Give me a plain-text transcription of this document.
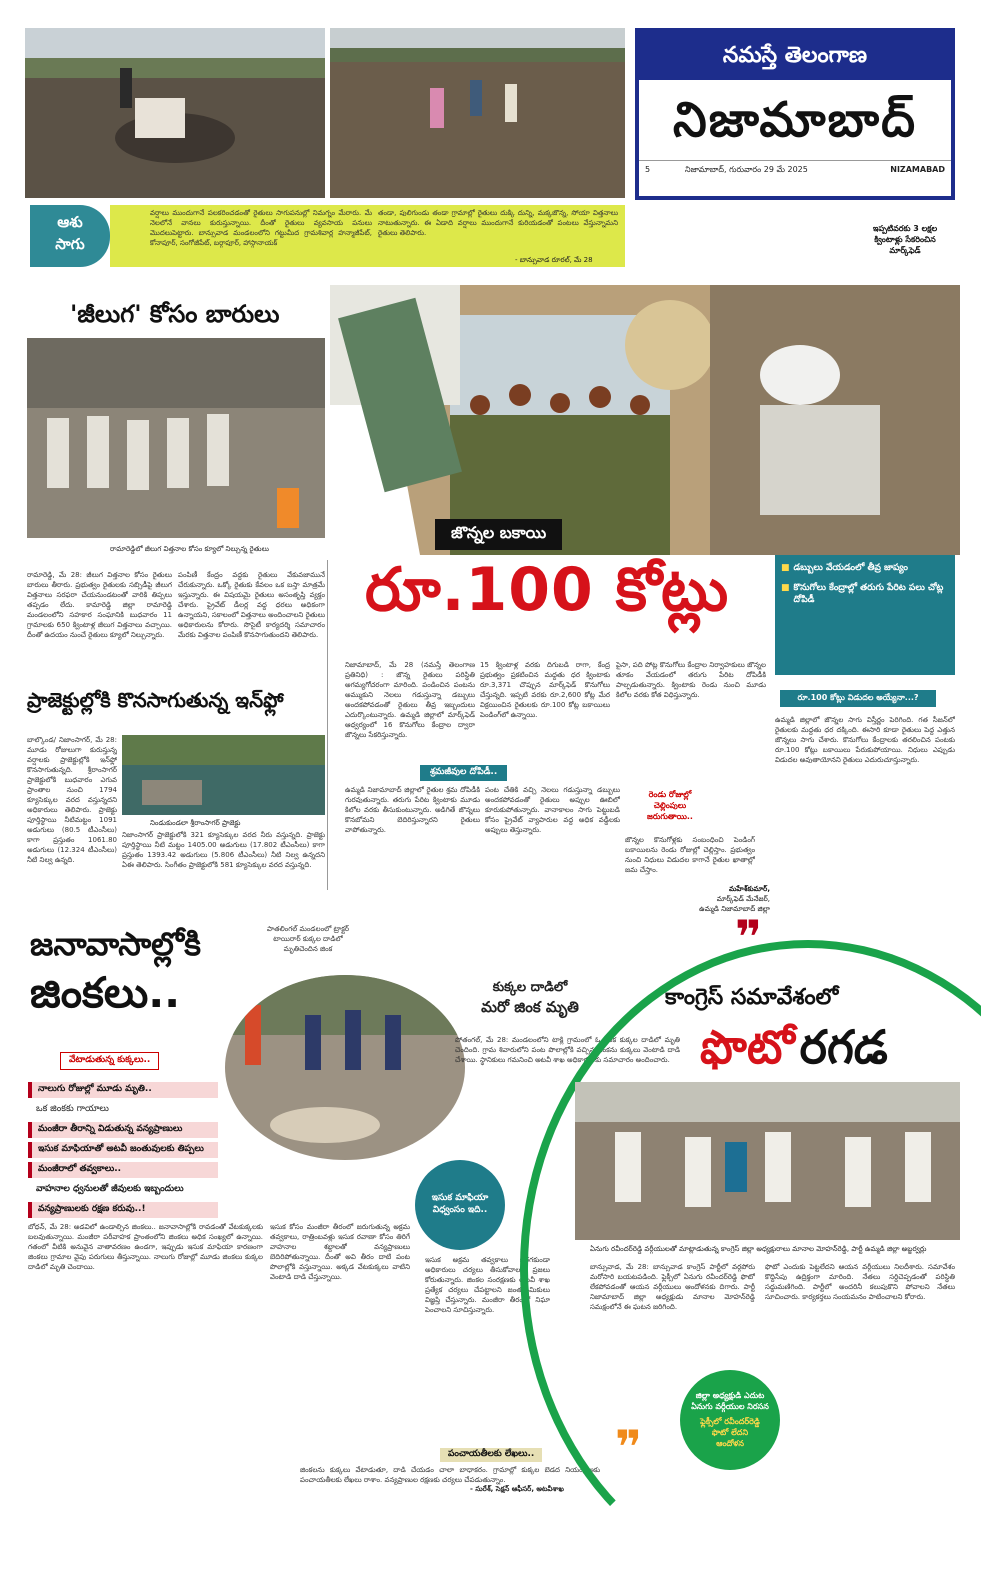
నమస్తే తెలంగాణ
నిజామాబాద్
5	నిజామాబాద్, గురువారం 29 మే 2025	NIZAMABAD
ఆశు
సాగు
వర్షాలు ముందుగానే పలకరించడంతో రైతులు సాగుపనుల్లో నిమగ్నం మేరారు. మే నెలలోనే వానలు కురుస్తున్నాయి. దీంతో రైతులు వ్యవసాయ పనులు మొదలుపెట్టారు. బాన్సువాడ మండలంలోని గట్టుమీద గ్రామశివార్ల హన్మాజీపేట్, కోనాపూర్, సంగోజీపేట్, బర్గాపూర్, హాస్గానాయక్
తండా, పులిగుండు తండా గ్రామాల్లో రైతులు దుక్కి దున్ని, మక్కజొన్న, సోయా విత్తనాలు నాటుతున్నారు. ఈ ఏడాది వర్షాలు ముందుగానే కురియడంతో పంటలు వేస్తున్నామని రైతులు తెలిపారు.
- బాన్సువాడ రూరల్, మే 28
'జీలుగ' కోసం బారులు
రామారెడ్డిలో జీలుగ విత్తనాల కోసం క్యూలో నిల్చున్న రైతులు
రామారెడ్డి, మే 28: జీలుగ విత్తనాల కోసం రైతులు బారులు తీరారు. ప్రభుత్వం రైతులకు సబ్సిడీపై జీలుగ విత్తనాలు సరఫరా చేయనుండటంతో వారికి తిప్పలు తప్పడం లేదు. కామారెడ్డి జిల్లా రామారెడ్డి మండలంలోని సహకార సంఘానికి బుధవారం 11 గ్రామాలకు 650 క్వింటాళ్ల జీలుగ విత్తనాలు వచ్చాయి. దీంతో ఉదయం నుంచే రైతులు క్యూలో నిల్చున్నారు.
పంపిణీ కేంద్రం వద్దకు రైతులు వేకువజామునే చేరుకున్నారు. ఒక్కో రైతుకు కేవలం ఒక బస్తా మాత్రమే ఇస్తున్నారు. ఈ విషయమై రైతులు అసంతృప్తి వ్యక్తం చేశారు. ప్రైవేట్ డీలర్ల వద్ద ధరలు అధికంగా ఉన్నాయని, సకాలంలో విత్తనాలు అందించాలని రైతులు అధికారులను కోరారు. సొసైటీ కార్యదర్శి సమాచారం మేరకు విత్తనాల పంపిణీ కొనసాగుతుందని తెలిపారు.
ప్రాజెక్టుల్లోకి కొనసాగుతున్న ఇన్‌ఫ్లో
బాల్కొండ/ నిజాంసాగర్, మే 28: మూడు రోజులుగా కురుస్తున్న వర్షాలకు ప్రాజెక్టుల్లోకి ఇన్‌ఫ్లో కొనసాగుతున్నది. శ్రీరాంసాగర్ ప్రాజెక్టులోకి బుధవారం ఎగువ ప్రాంతాల నుంచి 1794 క్యూసెక్కుల వరద వస్తున్నదని అధికారులు తెలిపారు. ప్రాజెక్టు పూర్తిస్థాయి నీటిమట్టం 1091 అడుగులు (80.5 టీఎంసీలు) కాగా ప్రస్తుతం 1061.80 అడుగులు (12.324 టీఎంసీలు) నీటి నిల్వ ఉన్నది.
నిండుకుండలా శ్రీరాంసాగర్ ప్రాజెక్టు
నిజాంసాగర్ ప్రాజెక్టులోకి 321 క్యూసెక్కుల వరద నీరు వస్తున్నది. ప్రాజెక్టు పూర్తిస్థాయి నీటి మట్టం 1405.00 అడుగులు (17.802 టీఎంసీలు) కాగా ప్రస్తుతం 1393.42 అడుగులు (5.806 టీఎంసీలు) నీటి నిల్వ ఉన్నదని ఏఈ తెలిపారు. సింగీతం ప్రాజెక్టులోకి 581 క్యూసెక్కుల వరద వస్తున్నది.
ఇప్పటివరకు 3 లక్షల క్వింటాళ్లు సేకరించిన మార్క్‌ఫెడ్
జొన్నల బకాయి
రూ.100 కోట్లు	■ డబ్బులు వేయడంలో తీవ్ర జాప్యం
■ కొనుగోలు కేంద్రాల్లో తరుగు పేరిట పలు చోట్ల దోపిడీ
నిజామాబాద్, మే 28 (నమస్తే తెలంగాణ ప్రతినిధి) : జొన్న రైతులు పరిస్థితి అగమ్యగోచరంగా మారింది. పండించిన పంటను అమ్ముకుని నెలలు గడుస్తున్నా డబ్బులు అందకపోవడంతో రైతులు తీవ్ర ఇబ్బందులు ఎదుర్కొంటున్నారు. ఉమ్మడి జిల్లాలో మార్క్‌ఫెడ్ ఆధ్వర్యంలో 16 కొనుగోలు కేంద్రాల ద్వారా జొన్నలు సేకరిస్తున్నారు.
15 క్వింటాళ్ల వరకు దిగుబడి రాగా, కేంద్ర ప్రభుత్వం ప్రకటించిన మద్దతు ధర క్వింటాకు రూ.3,371 చొప్పున మార్క్‌ఫెడ్ కొనుగోలు చేస్తున్నది. ఇప్పటి వరకు రూ.2,600 కోట్ల మేర విక్రయించిన రైతులకు రూ.100 కోట్ల బకాయిలు పెండింగ్‌లో ఉన్నాయి.
పైసా, పది పోట్ల కొనుగోలు కేంద్రాల నిర్వాహకులు జొన్నల తూకం వేయడంలో తరుగు పేరిట దోపిడీకి పాల్పడుతున్నారు. క్వింటాకు రెండు నుంచి మూడు కిలోల వరకు కోత విధిస్తున్నారు.
శ్రమజీవుల దోపిడీ..
ఉమ్మడి నిజామాబాద్ జిల్లాలో రైతుల శ్రమ దోపిడీకి గురవుతున్నారు. తరుగు పేరిట క్వింటాకు మూడు కిలోల వరకు తీసుకుంటున్నారు. అడిగితే జొన్నలు కొనబోమని బెదిరిస్తున్నారని రైతులు వాపోతున్నారు.
పంట చేతికి వచ్చి నెలలు గడుస్తున్నా డబ్బులు అందకపోవడంతో రైతులు అప్పుల ఊబిలో కూరుకుపోతున్నారు. వానాకాలం సాగు పెట్టుబడి కోసం ప్రైవేట్ వ్యాపారుల వద్ద అధిక వడ్డీలకు అప్పులు తెస్తున్నారు.
రెండు రోజుల్లో చెల్లింపులు జరుగుతాయి..
జొన్నల కొనుగోళ్లకు సంబంధించి పెండింగ్ బకాయిలను రెండు రోజుల్లో చెల్లిస్తాం. ప్రభుత్వం నుంచి నిధులు విడుదల కాగానే రైతుల ఖాతాల్లో జమ చేస్తాం.
మహేశ్‌కుమార్,
మార్క్‌ఫెడ్ మేనేజర్,
ఉమ్మడి నిజామాబాద్ జిల్లా
రూ.100 కోట్లు విడుదల అయ్యేనా...?
ఉమ్మడి జిల్లాలో జొన్నల సాగు విస్తీర్ణం పెరిగింది. గత సీజన్‌లో రైతులకు మద్దతు ధర దక్కింది. ఈసారి కూడా రైతులు పెద్ద ఎత్తున జొన్నలు సాగు చేశారు. కొనుగోలు కేంద్రాలకు తరలించిన పంటకు రూ.100 కోట్లు బకాయిలు పేరుకుపోయాయి. నిధులు ఎప్పుడు విడుదల అవుతాయోనని రైతులు ఎదురుచూస్తున్నారు.
❞
జనావాసాల్లోకి
జింకలు..
పాతలింగల్ మండలంలో ట్రాక్టర్ టాయిరార్ కుక్కల దాడిలో మృతిచెందిన జింక
వేటాడుతున్న కుక్కలు..
నాలుగు రోజుల్లో మూడు మృతి..
ఒక జింకకు గాయాలు
మంజీరా తీరాన్ని విడుతున్న వన్యప్రాణులు
ఇసుక మాఫియాతో అటవీ జంతువులకు తిప్పలు
మంజీరాలో తవ్వకాలు..
వాహనాల ధ్వనులతో జీవులకు ఇబ్బందులు
వన్యప్రాణులకు రక్షణ కరువు..!
కుక్కల దాడిలో
మరో జింక మృతి
పోతంగల్, మే 28: మండలంలోని టాక్లి గ్రామంలో ఓ జింక కుక్కల దాడిలో మృతి చెందింది. గ్రామ శివారులోని పంట పొలాల్లోకి వచ్చిన జింకను కుక్కలు వెంటాడి దాడి చేశాయి. స్థానికులు గమనించి అటవీ శాఖ అధికారులకు సమాచారం అందించారు.
ఇసుక మాఫియా విధ్వంసం ఇది..
బోధన్, మే 28: అడవిలో ఉండాల్సిన జింకలు.. జనావాసాల్లోకి రావడంతో వేటకుక్కలకు బలవుతున్నాయి. మంజీరా పరీవాహక ప్రాంతంలోని జింకలు అధిక సంఖ్యలో ఉన్నాయి. గతంలో వీటికి అనువైన వాతావరణం ఉండగా, ఇప్పుడు ఇసుక మాఫియా కారణంగా జింకలు గ్రామాల వైపు పరుగులు తీస్తున్నాయి. నాలుగు రోజుల్లో మూడు జింకలు కుక్కల దాడిలో మృతి చెందాయి.
ఇసుక కోసం మంజీరా తీరంలో జరుగుతున్న అక్రమ తవ్వకాలు, రాత్రింబవళ్లు ఇసుక రవాణా కోసం తిరిగే వాహనాల శబ్దాలతో వన్యప్రాణులు బెదిరిపోతున్నాయి. దీంతో అవి తీరం దాటి పంట పొలాల్లోకి వస్తున్నాయి. అక్కడ వేటకుక్కలు వాటిని వెంటాడి దాడి చేస్తున్నాయి.
ఇసుక అక్రమ తవ్వకాలు జరగకుండా అధికారులు చర్యలు తీసుకోవాలని ప్రజలు కోరుతున్నారు. జింకల సంరక్షణకు అటవీ శాఖ ప్రత్యేక చర్యలు చేపట్టాలని జంతుప్రేమికులు విజ్ఞప్తి చేస్తున్నారు. మంజీరా తీరంలో నిఘా పెంచాలని సూచిస్తున్నారు.
పంచాయతీలకు లేఖలు..
జింకలను కుక్కలు వేటాడుతూ, దాడి చేయడం చాలా బాధాకరం. గ్రామాల్లో కుక్కల బెడద నియంత్రణకు పంచాయతీలకు లేఖలు రాశాం. వన్యప్రాణుల రక్షణకు చర్యలు చేపడుతున్నాం.
- సురేశ్, సెక్షన్ ఆఫీసర్, అటవీశాఖ
కాంగ్రెస్ సమావేశంలో
ఫొటో రగడ
ఏనుగు రవీందర్‌రెడ్డి వర్గీయులతో మాట్లాడుతున్న కాంగ్రెస్ జిల్లా అధ్యక్షురాలు మానాల మోహన్‌రెడ్డి, పార్టీ ఉమ్మడి జిల్లా అబ్జర్వర్లు
బాన్సువాడ, మే 28: బాన్సువాడ కాంగ్రెస్ పార్టీలో వర్గపోరు మరోసారి బయటపడింది. ఫ్లెక్సీలో ఏనుగు రవీందర్‌రెడ్డి ఫొటో లేకపోవడంతో ఆయన వర్గీయులు ఆందోళనకు దిగారు. పార్టీ నిజామాబాద్ జిల్లా అధ్యక్షుడు మానాల మోహన్‌రెడ్డి సమక్షంలోనే ఈ ఘటన జరిగింది.
ఫొటో ఎందుకు పెట్టలేదని ఆయన వర్గీయులు నిలదీశారు. సమావేశం కొద్దిసేపు ఉద్రిక్తంగా మారింది. నేతలు సర్దిచెప్పడంతో పరిస్థితి సద్దుమణిగింది. పార్టీలో అందరినీ కలుపుకొని పోవాలని నేతలు సూచించారు. కార్యకర్తలు సంయమనం పాటించాలని కోరారు.
జిల్లా అధ్యక్షుడి ఎదుట
ఏనుగు వర్గీయుల నిరసన
ఫ్లెక్సీలో రవీందర్‌రెడ్డి
ఫొటో లేదని
ఆందోళన
❞
